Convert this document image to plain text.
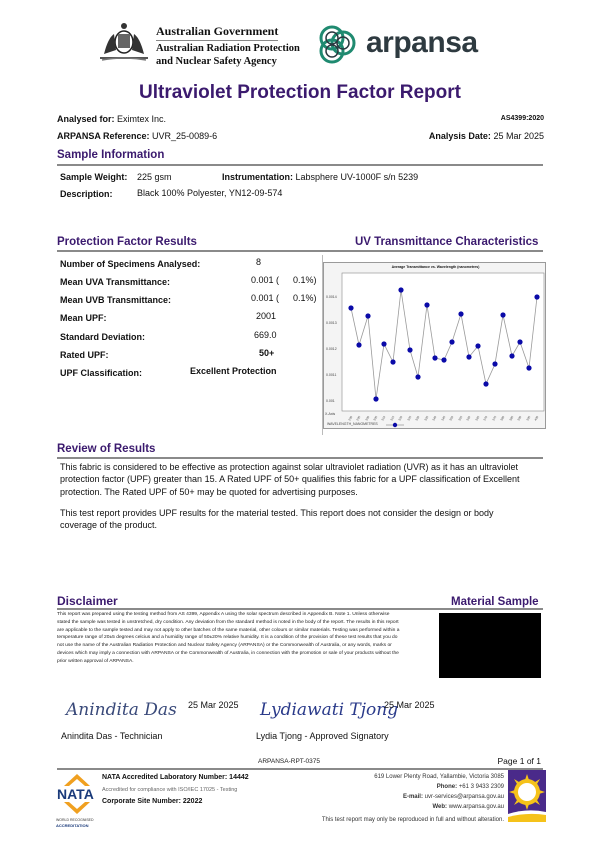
Australian Government
Australian Radiation Protection
and Nuclear Safety Agency
arpansa
Ultraviolet Protection Factor Report
Analysed for: Eximtex Inc.	AS4399:2020
ARPANSA Reference: UVR_25-0089-6	Analysis Date: 25 Mar 2025
Sample Information
Sample Weight: 225 gsm	Instrumentation: Labsphere UV-1000F s/n 5239
Description:	Black 100% Polyester, YN12-09-574
Protection Factor Results
Number of Specimens Analysed:	8
Mean UVA Transmittance:	0.001 ( 0.1%)
Mean UVB Transmittance:	0.001 ( 0.1%)
Mean UPF:	2001
Standard Deviation:	669.0
Rated UPF:	50+
UPF Classification:	Excellent Protection
UV Transmittance Characteristics
Average Transmittance vs. Wavelength (nanometres)
0.0014
0.0013
0.0012
0.0011
0.001
X-Axis
290 295 300 305 310 315 320 325 330 335 340 345 350 355 360 365 370 375 380 385 390 395 400
WAVELENGTH_NANOMETRES
Review of Results
This fabric is considered to be effective as protection against solar ultraviolet radiation (UVR) as it has an ultraviolet protection factor (UPF) greater than 15. A Rated UPF of 50+ qualifies this fabric for a UPF classification of Excellent protection. The Rated UPF of 50+ may be quoted for advertising purposes.
This test report provides UPF results for the material tested. This report does not consider the design or body coverage of the product.
Disclaimer
This report was prepared using the testing method from AS 4399, Appendix A using the solar spectrum described in Appendix B. Note 1. Unless otherwise stated the sample was tested in unstretched, dry condition. Any deviation from the standard method is noted in the body of the report. The results in this report are applicable to the sample tested and may not apply to other batches of the same material, other colours or similar materials. Testing was performed within a temperature range of 20±5 degrees celcius and a humidity range of 50±20% relative humidity. It is a condition of the provision of these test results that you do not use the name of the Australian Radiation Protection and Nuclear Safety Agency (ARPANSA) or the Commonwealth of Australia, or any words, marks or devices which may imply a connection with ARPANSA or the Commonwealth of Australia, in connection with the promotion or sale of your products without the prior written approval of ARPANSA.
Material Sample
Anindita Das 25 Mar 2025
Anindita Das - Technician
Lydiawati Tjong
25 Mar 2025
Lydia Tjong - Approved Signatory
ARPANSA-RPT-0375	Page 1 of 1
NATA
WORLD RECOGNISED
ACCREDITATION
NATA Accredited Laboratory Number: 14442
Accredited for compliance with ISO/IEC 17025 - Testing
Corporate Site Number: 22022
619 Lower Plenty Road, Yallambie, Victoria 3085
Phone: +61 3 9433 2309
E-mail: uvr-services@arpansa.gov.au
Web: www.arpansa.gov.au
This test report may only be reproduced in full and without alteration.
